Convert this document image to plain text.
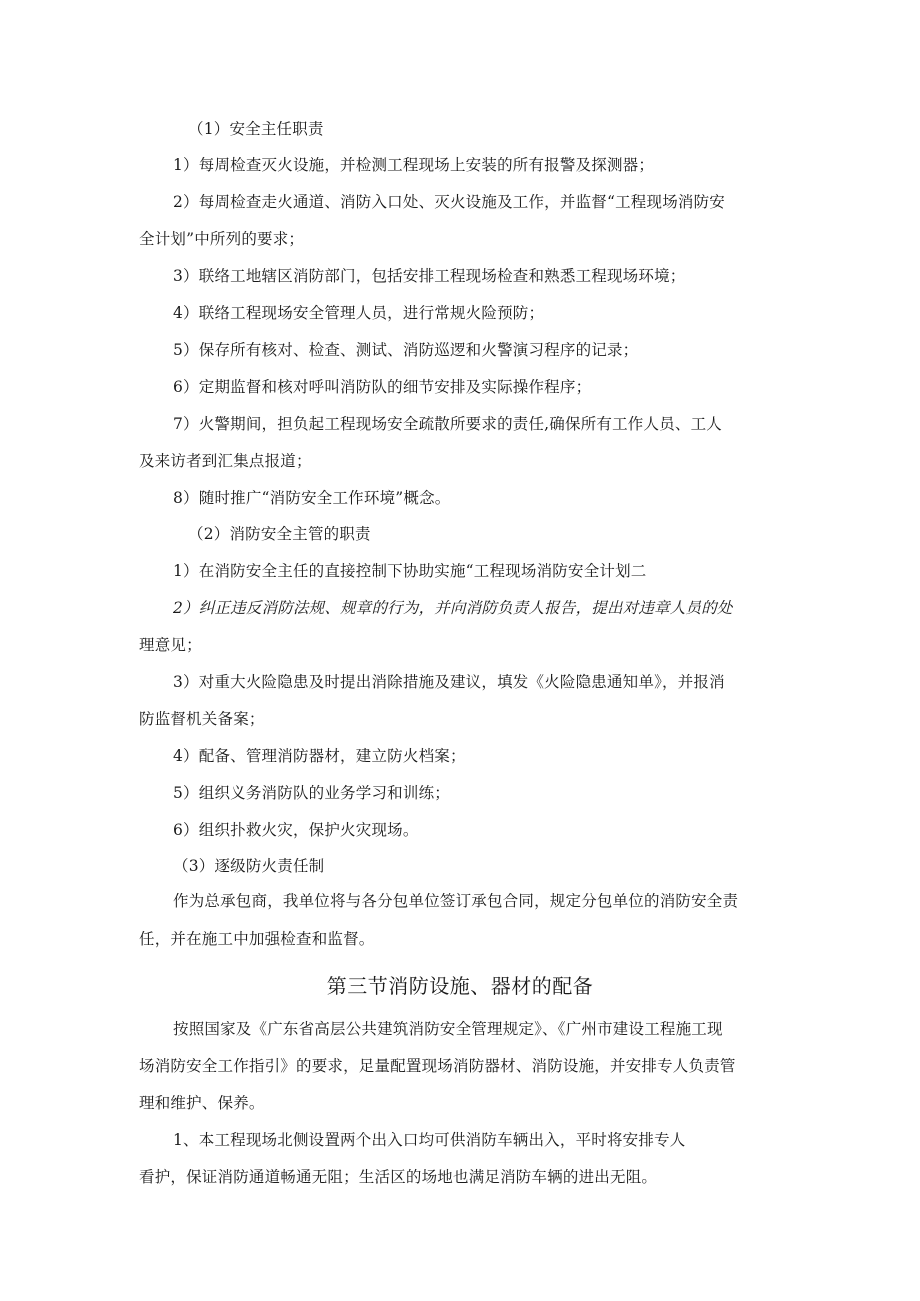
（1）安全主任职责
1）每周检查灭火设施，并检测工程现场上安装的所有报警及探测器；
2）每周检查走火通道、消防入口处、灭火设施及工作，并监督“工程现场消防安
全计划”中所列的要求；
3）联络工地辖区消防部门，包括安排工程现场检查和熟悉工程现场环境；
4）联络工程现场安全管理人员，进行常规火险预防；
5）保存所有核对、检查、测试、消防巡逻和火警演习程序的记录；
6）定期监督和核对呼叫消防队的细节安排及实际操作程序；
7）火警期间，担负起工程现场安全疏散所要求的责任,确保所有工作人员、工人
及来访者到汇集点报道；
8）随时推广“消防安全工作环境”概念。
（2）消防安全主管的职责
1）在消防安全主任的直接控制下协助实施“工程现场消防安全计划二
2）纠正违反消防法规、规章的行为，并向消防负责人报告，提出对违章人员的处
理意见；
3）对重大火险隐患及时提出消除措施及建议，填发《火险隐患通知单》，并报消
防监督机关备案；
4）配备、管理消防器材，建立防火档案；
5）组织义务消防队的业务学习和训练；
6）组织扑救火灾，保护火灾现场。
（3）逐级防火责任制
作为总承包商，我单位将与各分包单位签订承包合同，规定分包单位的消防安全责
任，并在施工中加强检查和监督。
第三节消防设施、器材的配备
按照国家及《广东省高层公共建筑消防安全管理规定》、《广州市建设工程施工现
场消防安全工作指引》的要求，足量配置现场消防器材、消防设施，并安排专人负责管
理和维护、保养。
1、本工程现场北侧设置两个出入口均可供消防车辆出入，平时将安排专人
看护，保证消防通道畅通无阻；生活区的场地也满足消防车辆的进出无阻。
